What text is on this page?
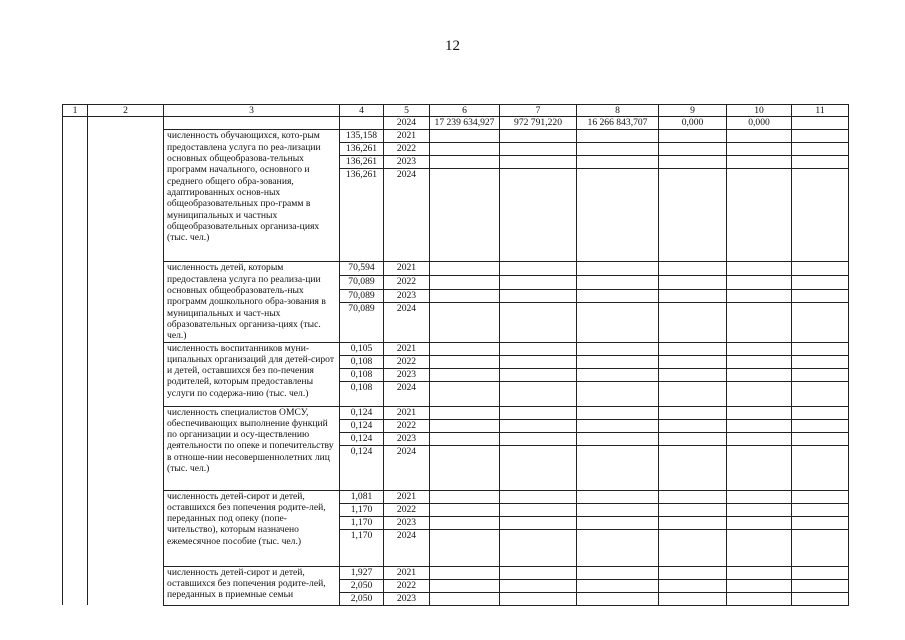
12
1	2	3	4	5	6	7	8	9	10	11
				2024	17 239 634,927	972 791,220	16 266 843,707	0,000	0,000	
		численность обучающихся, кото-рым предоставлена услуга по реа-лизации основных общеобразова-тельных программ начального, основного и среднего общего обра-зования, адаптированных основ-ных общеобразовательных про-грамм в муниципальных и частных общеобразовательных организа-циях (тыс. чел.)	135,158	2021						
			136,261	2022						
			136,261	2023						
			136,261	2024						
		численность детей, которым предоставлена услуга по реализа-ции основных общеобразователь-ных программ дошкольного обра-зования в муниципальных и част-ных образовательных организа-циях (тыс. чел.)	70,594	2021						
			70,089	2022						
			70,089	2023						
			70,089	2024						
		численность воспитанников муни-ципальных организаций для детей-сирот и детей, оставшихся без по-печения родителей, которым предоставлены услуги по содержа-нию (тыс. чел.)	0,105	2021						
			0,108	2022						
			0,108	2023						
			0,108	2024						
		численность специалистов ОМСУ, обеспечивающих выполнение функций по организации и осу-ществлению деятельности по опеке и попечительству в отноше-нии несовершеннолетних лиц (тыс. чел.)	0,124	2021						
			0,124	2022						
			0,124	2023						
			0,124	2024						
		численность детей-сирот и детей, оставшихся без попечения родите-лей, переданных под опеку (попе-чительство), которым назначено ежемесячное пособие (тыс. чел.)	1,081	2021						
			1,170	2022						
			1,170	2023						
			1,170	2024						
		численность детей-сирот и детей, оставшихся без попечения родите-лей, переданных в приемные семьи	1,927	2021						
			2,050	2022						
			2,050	2023						
